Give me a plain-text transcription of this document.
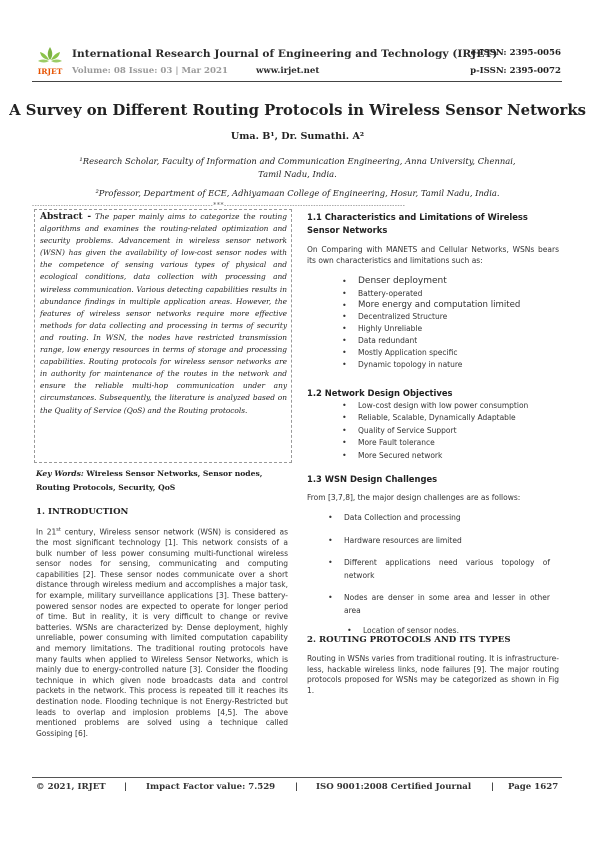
IRJET
International Research Journal of Engineering and Technology (IRJET)
Volume: 08 Issue: 03 | Mar 2021	www.irjet.net
e-ISSN: 2395-0056
p-ISSN: 2395-0072
A Survey on Different Routing Protocols in Wireless Sensor Networks
Uma. B¹, Dr. Sumathi. A²
¹Research Scholar, Faculty of Information and Communication Engineering, Anna University, Chennai,
Tamil Nadu, India.
²Professor, Department of ECE, Adhiyamaan College of Engineering, Hosur, Tamil Nadu, India.
---------------------------------------------------------------------***---------------------------------------------------------------------
Abstract - The paper mainly aims to categorize the routing algorithms and examines the routing-related optimization and security problems. Advancement in wireless sensor network (WSN) has given the availability of low-cost sensor nodes with the competence of sensing various types of physical and ecological conditions, data collection with processing and wireless communication. Various detecting capabilities results in abundance findings in multiple application areas. However, the features of wireless sensor networks require more effective methods for data collecting and processing in terms of security and routing. In WSN, the nodes have restricted transmission range, low energy resources in terms of storage and processing capabilities. Routing protocols for wireless sensor networks are in authority for maintenance of the routes in the network and ensure the reliable multi-hop communication under any circumstances. Subsequently, the literature is analyzed based on the Quality of Service (QoS) and the Routing protocols.
Key Words: Wireless Sensor Networks, Sensor nodes, Routing Protocols, Security, QoS
1. INTRODUCTION
In 21st century, Wireless sensor network (WSN) is considered as the most significant technology [1]. This network consists of a bulk number of less power consuming multi-functional wireless sensor nodes for sensing, communicating and computing capabilities [2]. These sensor nodes communicate over a short distance through wireless medium and accomplishes a major task, for example, military surveillance applications [3]. These battery-powered sensor nodes are expected to operate for longer period of time. But in reality, it is very difficult to change or revive batteries. WSNs are characterized by: Dense deployment, highly unreliable, power consuming with limited computation capability and memory limitations. The traditional routing protocols have many faults when applied to Wireless Sensor Networks, which is mainly due to energy-controlled nature [3]. Consider the flooding technique in which given node broadcasts data and control packets in the network. This process is repeated till it reaches its destination node. Flooding technique is not Energy-Restricted but leads to overlap and implosion problems [4,5]. The above mentioned problems are solved using a technique called Gossiping [6].
1.1 Characteristics and Limitations of Wireless Sensor Networks
On Comparing with MANETS and Cellular Networks, WSNs bears its own characteristics and limitations such as:
• Denser deployment
• Battery-operated
• More energy and computation limited
• Decentralized Structure
• Highly Unreliable
• Data redundant
• Mostly Application specific
• Dynamic topology in nature
1.2 Network Design Objectives
• Low-cost design with low power consumption
• Reliable, Scalable, Dynamically Adaptable
• Quality of Service Support
• More Fault tolerance
• More Secured network
1.3 WSN Design Challenges
From [3,7,8], the major design challenges are as follows:
• Data Collection and processing
• Hardware resources are limited
• Different applications need various topology of network
• Nodes are denser in some area and lesser in other area
• Location of sensor nodes.
2. ROUTING PROTOCOLS AND ITS TYPES
Routing in WSNs varies from traditional routing. It is infrastructure-less, hackable wireless links, node failures [9]. The major routing protocols proposed for WSNs may be categorized as shown in Fig 1.
© 2021, IRJET | Impact Factor value: 7.529 | ISO 9001:2008 Certified Journal | Page 1627
